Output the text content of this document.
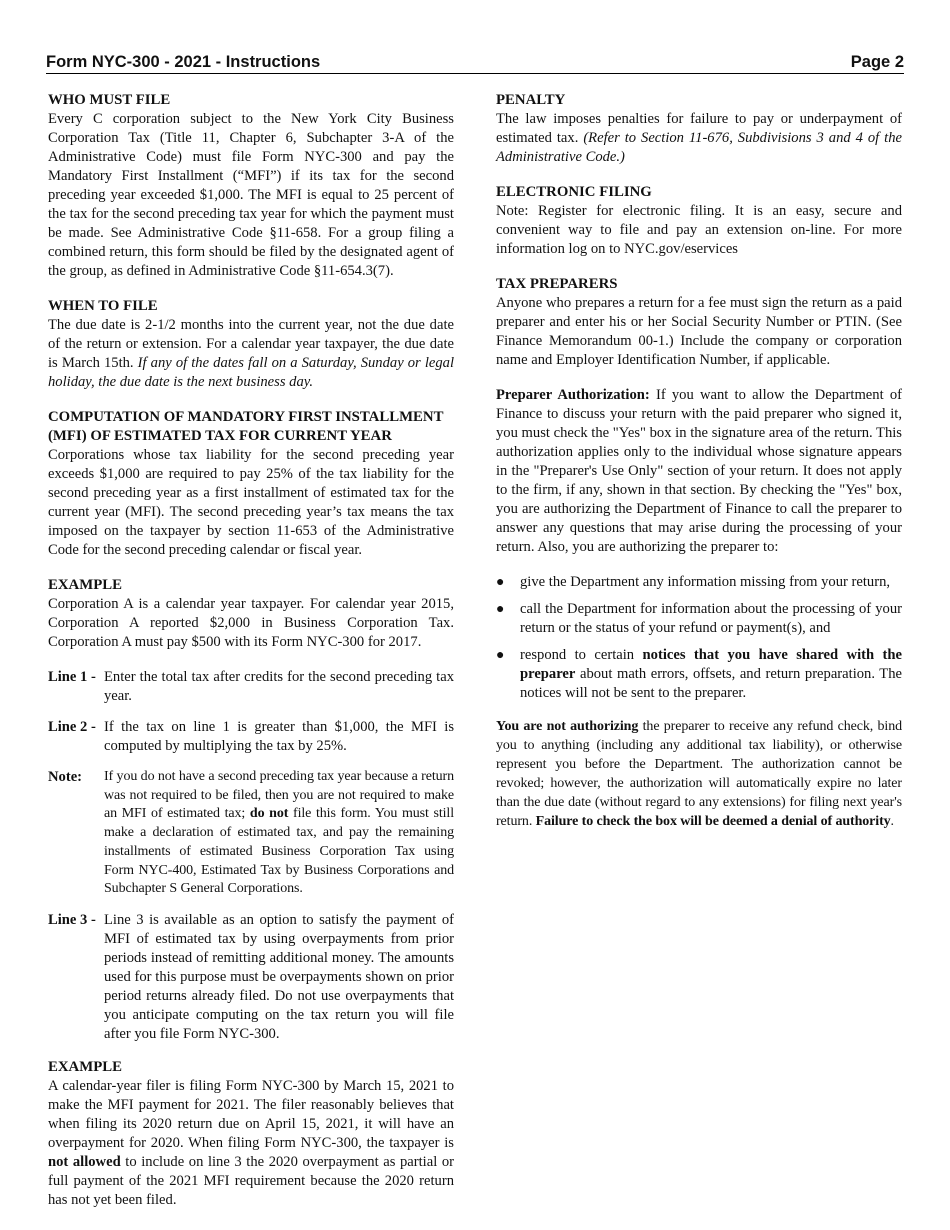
Form NYC-300 - 2021 - Instructions	Page 2
WHO MUST FILE

Every C corporation subject to the New York City Business Corporation Tax (Title 11, Chapter 6, Subchapter 3-A of the Administrative Code) must file Form NYC-300 and pay the Mandatory First Installment (“MFI”) if its tax for the second preceding year exceeded $1,000. The MFI is equal to 25 percent of the tax for the second preceding tax year for which the payment must be made. See Administrative Code §11-658. For a group filing a combined return, this form should be filed by the designated agent of the group, as defined in Administrative Code §11-654.3(7).

WHEN TO FILE

The due date is 2-1/2 months into the current year, not the due date of the return or extension. For a calendar year taxpayer, the due date is March 15th. If any of the dates fall on a Saturday, Sunday or legal holiday, the due date is the next business day.

COMPUTATION OF MANDATORY FIRST INSTALLMENT
(MFI) OF ESTIMATED TAX FOR CURRENT YEAR

Corporations whose tax liability for the second preceding year exceeds $1,000 are required to pay 25% of the tax liability for the second preceding year as a first installment of estimated tax for the current year (MFI). The second preceding year’s tax means the tax imposed on the taxpayer by section 11-653 of the Administrative Code for the second preceding calendar or fiscal year.

EXAMPLE

Corporation A is a calendar year taxpayer. For calendar year 2015, Corporation A reported $2,000 in Business Corporation Tax. Corporation A must pay $500 with its Form NYC-300 for 2017.

Line 1 - Enter the total tax after credits for the second preceding tax year.
Line 2 - If the tax on line 1 is greater than $1,000, the MFI is computed by multiplying the tax by 25%.
Note:	If you do not have a second preceding tax year because a return was not required to be filed, then you are not required to make an MFI of estimated tax; do not file this form. You must still make a declaration of estimated tax, and pay the remaining installments of estimated Business Corporation Tax using Form NYC-400, Estimated Tax by Business Corporations and Subchapter S General Corporations.
Line 3 - Line 3 is available as an option to satisfy the payment of MFI of estimated tax by using overpayments from prior periods instead of remitting additional money. The amounts used for this purpose must be overpayments shown on prior period returns already filed. Do not use overpayments that you anticipate computing on the tax return you will file after you file Form NYC-300.
EXAMPLE

A calendar-year filer is filing Form NYC-300 by March 15, 2021 to make the MFI payment for 2021. The filer reasonably believes that when filing its 2020 return due on April 15, 2021, it will have an overpayment for 2020. When filing Form NYC-300, the taxpayer is not allowed to include on line 3 the 2020 overpayment as partial or full payment of the 2021 MFI requirement because the 2020 return has not yet been filed.

PENALTY

The law imposes penalties for failure to pay or underpayment of estimated tax. (Refer to Section 11-676, Subdivisions 3 and 4 of the Administrative Code.)

ELECTRONIC FILING

Note: Register for electronic filing. It is an easy, secure and convenient way to file and pay an extension on-line. For more information log on to NYC.gov/eservices

TAX PREPARERS

Anyone who prepares a return for a fee must sign the return as a paid preparer and enter his or her Social Security Number or PTIN. (See Finance Memorandum 00-1.) Include the company or corporation name and Employer Identification Number, if applicable.

Preparer Authorization: If you want to allow the Department of Finance to discuss your return with the paid preparer who signed it, you must check the "Yes" box in the signature area of the return. This authorization applies only to the individual whose signature appears in the "Preparer's Use Only" section of your return. It does not apply to the firm, if any, shown in that section. By checking the "Yes" box, you are authorizing the Department of Finance to call the preparer to answer any questions that may arise during the processing of your return. Also, you are authorizing the preparer to:

●	give the Department any information missing from your return,
●	call the Department for information about the processing of your return or the status of your refund or payment(s), and
●	respond to certain notices that you have shared with the preparer about math errors, offsets, and return preparation. The notices will not be sent to the preparer.

You are not authorizing the preparer to receive any refund check, bind you to anything (including any additional tax liability), or otherwise represent you before the Department. The authorization cannot be revoked; however, the authorization will automatically expire no later than the due date (without regard to any extensions) for filing next year's return. Failure to check the box will be deemed a denial of authority.
